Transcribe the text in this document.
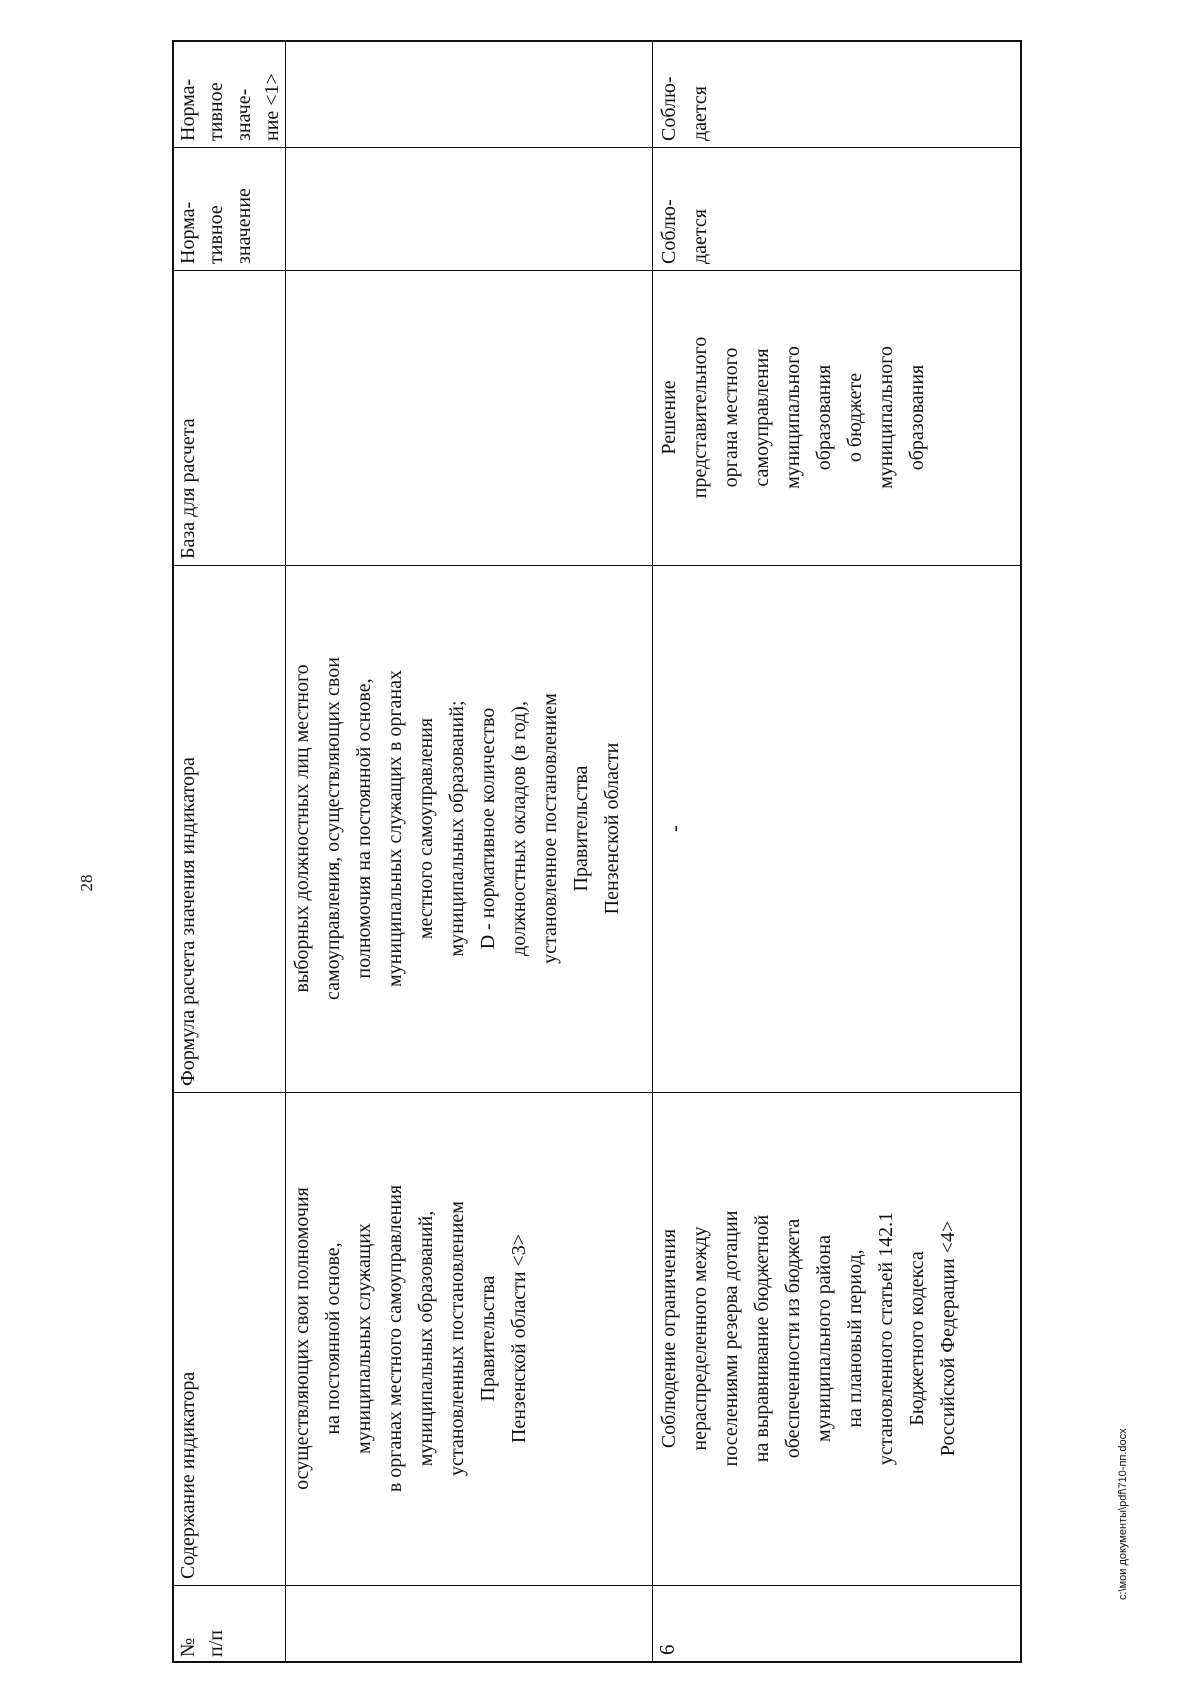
28
№
п/п
Содержание индикатора
Формула расчета значения индикатора
База для расчета
Норма-
тивное
значение
Норма-
тивное
значе-
ние <1>
осуществляющих свои полномочия
на постоянной основе,
муниципальных служащих
в органах местного самоуправления
муниципальных образований,
установленных постановлением
Правительства
Пензенской области <3>
выборных должностных лиц местного
самоуправления, осуществляющих свои
полномочия на постоянной основе,
муниципальных служащих в органах
местного самоуправления
муниципальных образований;
D - нормативное количество
должностных окладов (в год),
установленное постановлением
Правительства
Пензенской области
6
Соблюдение ограничения
нераспределенного между
поселениями резерва дотации
на выравнивание бюджетной
обеспеченности из бюджета
муниципального района
на плановый период,
установленного статьей 142.1
Бюджетного кодекса
Российской Федерации <4>
-
Решение
представительного
органа местного
самоуправления
муниципального
образования
о бюджете
муниципального
образования
Соблю-
дается
Соблю-
дается
c:\мои документы\pdf\710-пп.docx
